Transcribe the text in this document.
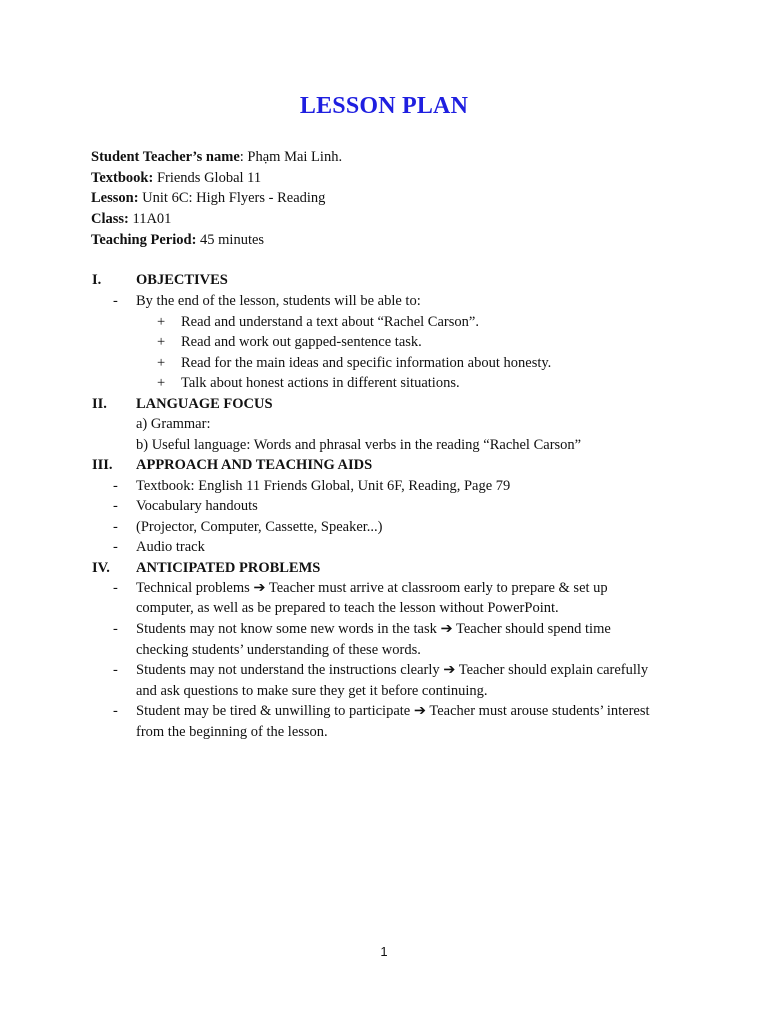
LESSON PLAN
Student Teacher’s name: Phạm Mai Linh.
Textbook: Friends Global 11
Lesson: Unit 6C: High Flyers - Reading
Class: 11A01
Teaching Period: 45 minutes
I. OBJECTIVES
- By the end of the lesson, students will be able to:
+ Read and understand a text about “Rachel Carson”.
+ Read and work out gapped-sentence task.
+ Read for the main ideas and specific information about honesty.
+ Talk about honest actions in different situations.
II. LANGUAGE FOCUS
a) Grammar:
b) Useful language: Words and phrasal verbs in the reading “Rachel Carson”
III. APPROACH AND TEACHING AIDS
- Textbook: English 11 Friends Global, Unit 6F, Reading, Page 79
- Vocabulary handouts
- (Projector, Computer, Cassette, Speaker...)
- Audio track
IV. ANTICIPATED PROBLEMS
- Technical problems ➔ Teacher must arrive at classroom early to prepare & set up
computer, as well as be prepared to teach the lesson without PowerPoint.
- Students may not know some new words in the task ➔ Teacher should spend time
checking students’ understanding of these words.
- Students may not understand the instructions clearly ➔ Teacher should explain carefully
and ask questions to make sure they get it before continuing.
- Student may be tired & unwilling to participate ➔ Teacher must arouse students’ interest
from the beginning of the lesson.
1
